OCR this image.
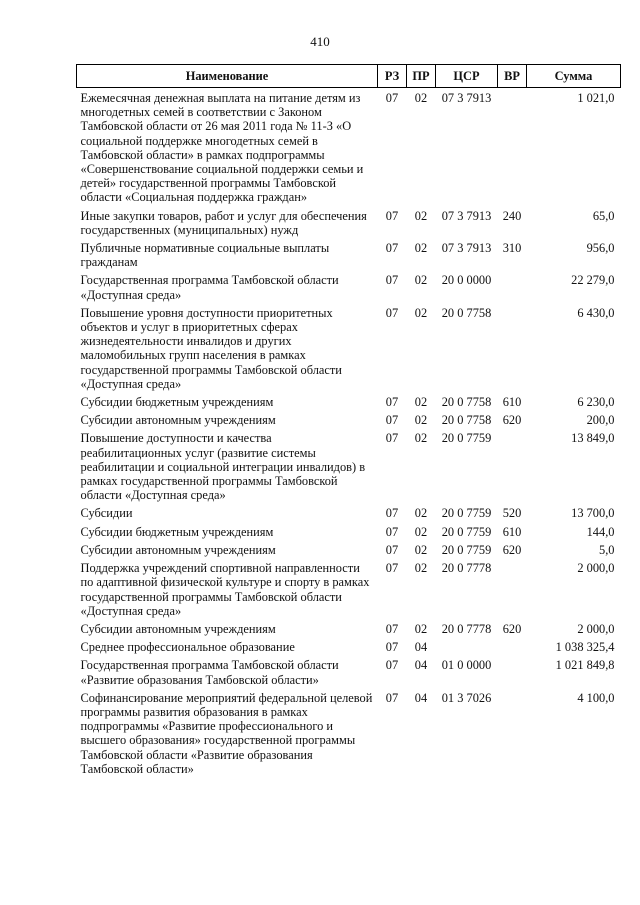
410
Наименование	РЗ	ПР	ЦСР	ВР	Сумма
Ежемесячная денежная выплата на питание детям из многодетных семей в соответствии с Законом Тамбовской области от 26 мая 2011 года № 11-З «О социальной поддержке многодетных семей в Тамбовской области» в рамках подпрограммы «Совершенствование социальной поддержки семьи и детей» государственной программы Тамбовской области «Социальная поддержка граждан»	07	02	07 3 7913		1 021,0
Иные закупки товаров, работ и услуг для обеспечения государственных (муниципальных) нужд	07	02	07 3 7913	240	65,0
Публичные нормативные социальные выплаты гражданам	07	02	07 3 7913	310	956,0
Государственная программа Тамбовской области «Доступная среда»	07	02	20 0 0000		22 279,0
Повышение уровня доступности приоритетных объектов и услуг в приоритетных сферах жизнедеятельности инвалидов и других маломобильных групп населения в рамках государственной программы Тамбовской области «Доступная среда»	07	02	20 0 7758		6 430,0
Субсидии бюджетным учреждениям	07	02	20 0 7758	610	6 230,0
Субсидии автономным учреждениям	07	02	20 0 7758	620	200,0
Повышение доступности и качества реабилитационных услуг (развитие системы реабилитации и социальной интеграции инвалидов) в рамках государственной программы Тамбовской области «Доступная среда»	07	02	20 0 7759		13 849,0
Субсидии	07	02	20 0 7759	520	13 700,0
Субсидии бюджетным учреждениям	07	02	20 0 7759	610	144,0
Субсидии автономным учреждениям	07	02	20 0 7759	620	5,0
Поддержка учреждений спортивной направленности по адаптивной физической культуре и спорту в рамках государственной программы Тамбовской области «Доступная среда»	07	02	20 0 7778		2 000,0
Субсидии автономным учреждениям	07	02	20 0 7778	620	2 000,0
Среднее профессиональное образование	07	04			1 038 325,4
Государственная программа Тамбовской области «Развитие образования Тамбовской области»	07	04	01 0 0000		1 021 849,8
Софинансирование мероприятий федеральной целевой программы развития образования в рамках подпрограммы «Развитие профессионального и высшего образования» государственной программы Тамбовской области «Развитие образования Тамбовской области»	07	04	01 3 7026		4 100,0
